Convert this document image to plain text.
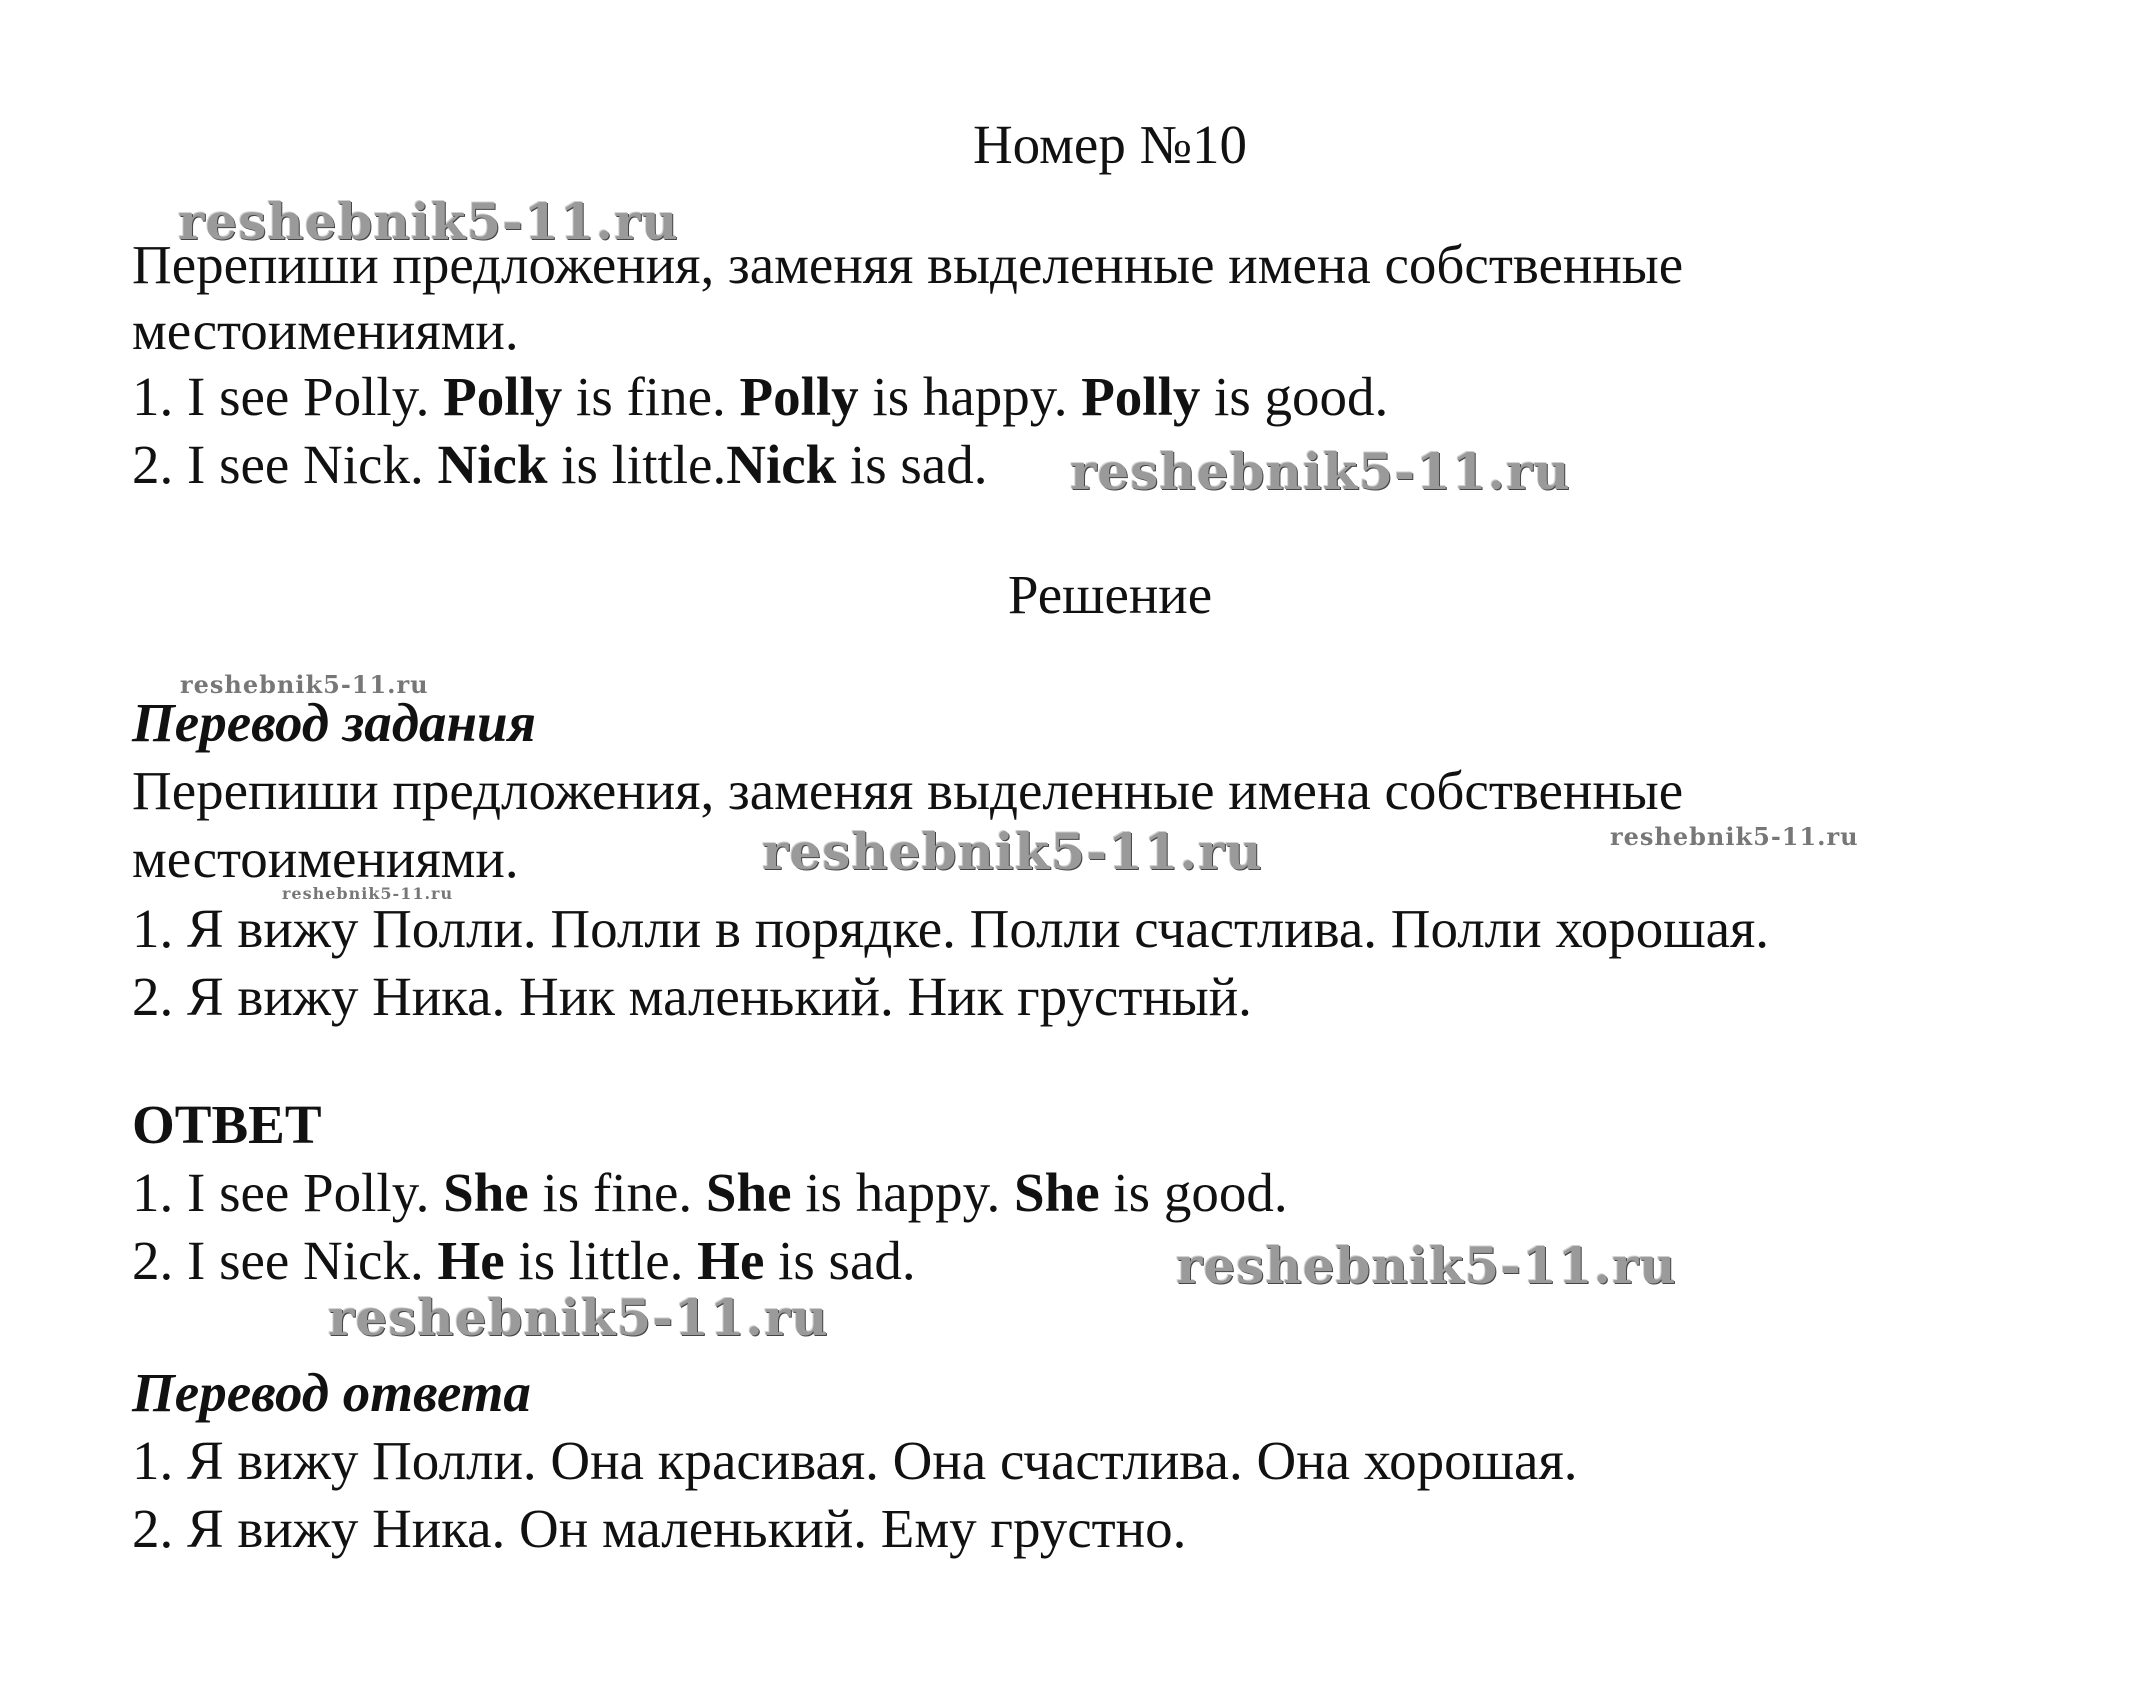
Номер №10
Перепиши предложения, заменяя выделенные имена собственные
местоимениями.
1. I see Polly. Polly is fine. Polly is happy. Polly is good.
2. I see Nick. Nick is little.Nick is sad.
Решение
Перевод задания
Перепиши предложения, заменяя выделенные имена собственные
местоимениями.
1. Я вижу Полли. Полли в порядке. Полли счастлива. Полли хорошая.
2. Я вижу Ника. Ник маленький. Ник грустный.
ОТВЕТ
1. I see Polly. She is fine. She is happy. She is good.
2. I see Nick. He is little. He is sad.
Перевод ответа
1. Я вижу Полли. Она красивая. Она счастлива. Она хорошая.
2. Я вижу Ника. Он маленький. Ему грустно.
reshebnik5-11.ru
reshebnik5-11.ru
reshebnik5-11.ru
reshebnik5-11.ru	reshebnik5-11.ru
reshebnik5-11.ru
reshebnik5-11.ru
reshebnik5-11.ru
